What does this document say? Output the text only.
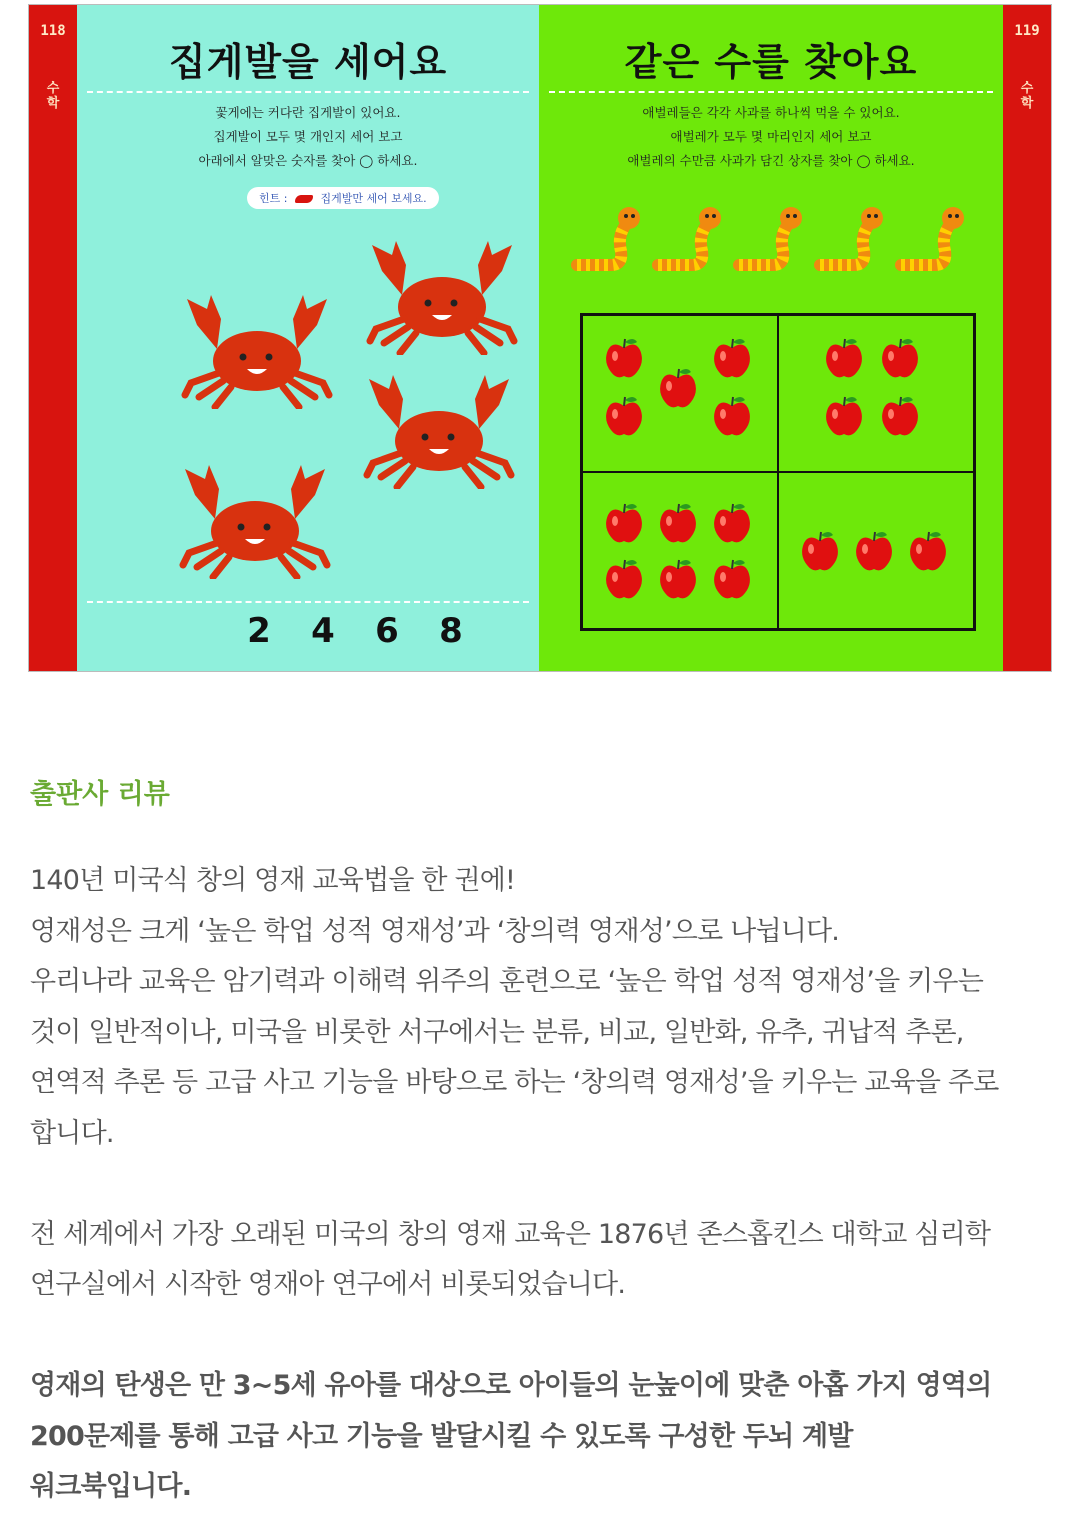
118
수학
집게발을 세어요
꽃게에는 커다란 집게발이 있어요.
집게발이 모두 몇 개인지 세어 보고
아래에서 알맞은 숫자를 찾아 ◯ 하세요.
힌트 :	집게발만 세어 보세요.
2 4 6 8
같은 수를 찾아요
애벌레들은 각각 사과를 하나씩 먹을 수 있어요.
애벌레가 모두 몇 마리인지 세어 보고
애벌레의 수만큼 사과가 담긴 상자를 찾아 ◯ 하세요.
119
수학
출판사 리뷰

140년 미국식 창의 영재 교육법을 한 권에!

영재성은 크게 ‘높은 학업 성적 영재성’과 ‘창의력 영재성’으로 나뉩니다.

우리나라 교육은 암기력과 이해력 위주의 훈련으로 ‘높은 학업 성적 영재성’을 키우는

것이 일반적이나, 미국을 비롯한 서구에서는 분류, 비교, 일반화, 유추, 귀납적 추론,

연역적 추론 등 고급 사고 기능을 바탕으로 하는 ‘창의력 영재성’을 키우는 교육을 주로

합니다.

전 세계에서 가장 오래된 미국의 창의 영재 교육은 1876년 존스홉킨스 대학교 심리학

연구실에서 시작한 영재아 연구에서 비롯되었습니다.

영재의 탄생은 만 3~5세 유아를 대상으로 아이들의 눈높이에 맞춘 아홉 가지 영역의

200문제를 통해 고급 사고 기능을 발달시킬 수 있도록 구성한 두뇌 계발

워크북입니다.
